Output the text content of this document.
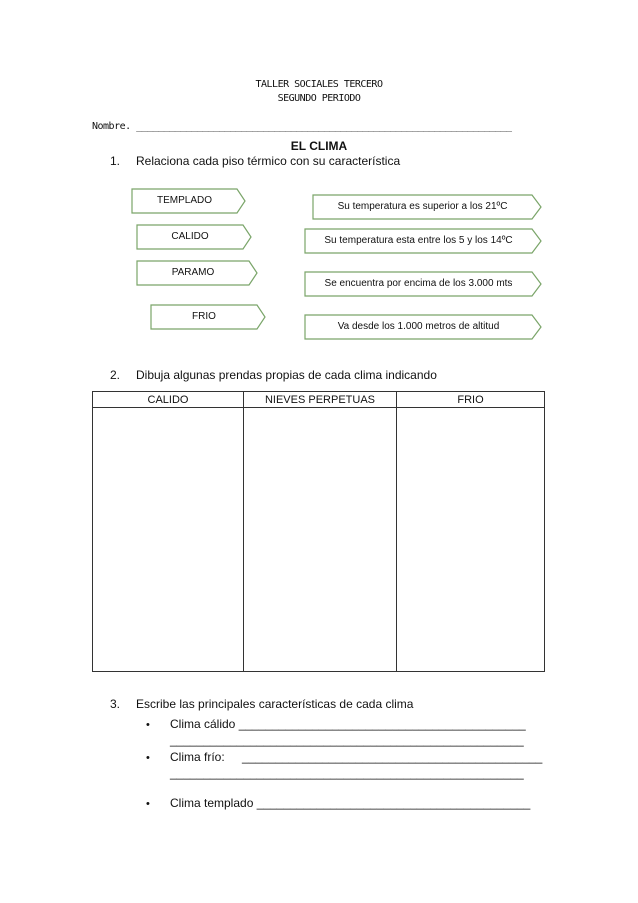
TALLER SOCIALES TERCERO
SEGUNDO PERIODO
Nombre. ____________________________________________________________________
EL CLIMA
1. Relaciona cada piso térmico con su característica
TEMPLADO
CALIDO
PARAMO
FRIO
Su temperatura es superior a los 21ºC
Su temperatura esta entre los 5 y los 14ºC
Se encuentra por encima de los 3.000 mts
Va desde los 1.000 metros de altitud
2. Dibuja algunas prendas propias de cada clima indicando
CALIDO	NIEVES PERPETUAS	FRIO

3. Escribe las principales características de cada clima
• Clima cálido ___________________________________________
_____________________________________________________
• Clima frío: _____________________________________________
_____________________________________________________
• Clima templado _________________________________________
